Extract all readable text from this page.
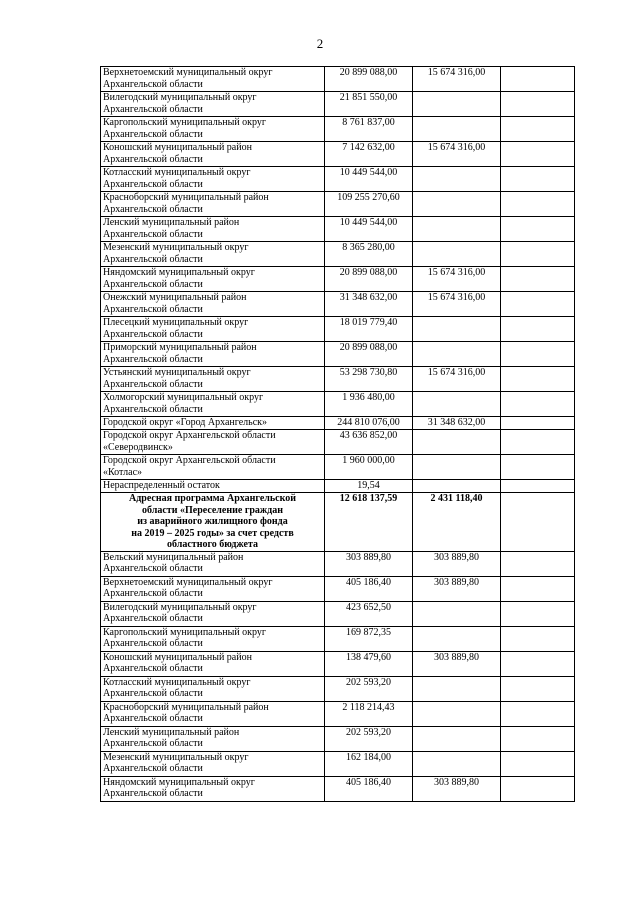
2
Верхнетоемский муниципальный округ
Архангельской области	20 899 088,00	15 674 316,00	

Вилегодский муниципальный округ
Архангельской области	21 851 550,00		

Каргопольский муниципальный округ
Архангельской области	8 761 837,00		

Коношский муниципальный район
Архангельской области	7 142 632,00	15 674 316,00	

Котласский муниципальный округ
Архангельской области	10 449 544,00		

Красноборский муниципальный район
Архангельской области	109 255 270,60		

Ленский муниципальный район
Архангельской области	10 449 544,00		

Мезенский муниципальный округ
Архангельской области	8 365 280,00		

Няндомский муниципальный округ
Архангельской области	20 899 088,00	15 674 316,00	

Онежский муниципальный район
Архангельской области	31 348 632,00	15 674 316,00	

Плесецкий муниципальный округ
Архангельской области	18 019 779,40		

Приморский муниципальный район
Архангельской области	20 899 088,00		

Устьянский муниципальный округ
Архангельской области	53 298 730,80	15 674 316,00	

Холмогорский муниципальный округ
Архангельской области	1 936 480,00		

Городской округ «Город Архангельск»	244 810 076,00	31 348 632,00	

Городской округ Архангельской области
«Северодвинск»	43 636 852,00		

Городской округ Архангельской области
«Котлас»	1 960 000,00		

Нераспределенный остаток	19,54		

Адресная программа Архангельской
области «Переселение граждан
из аварийного жилищного фонда
на 2019 – 2025 годы» за счет средств
областного бюджета	12 618 137,59	2 431 118,40	

Вельский муниципальный район
Архангельской области	303 889,80	303 889,80	

Верхнетоемский муниципальный округ
Архангельской области	405 186,40	303 889,80	

Вилегодский муниципальный округ
Архангельской области	423 652,50		

Каргопольский муниципальный округ
Архангельской области	169 872,35		

Коношский муниципальный район
Архангельской области	138 479,60	303 889,80	

Котласский муниципальный округ
Архангельской области	202 593,20		

Красноборский муниципальный район
Архангельской области	2 118 214,43		

Ленский муниципальный район
Архангельской области	202 593,20		

Мезенский муниципальный округ
Архангельской области	162 184,00		

Няндомский муниципальный округ
Архангельской области	405 186,40	303 889,80	
